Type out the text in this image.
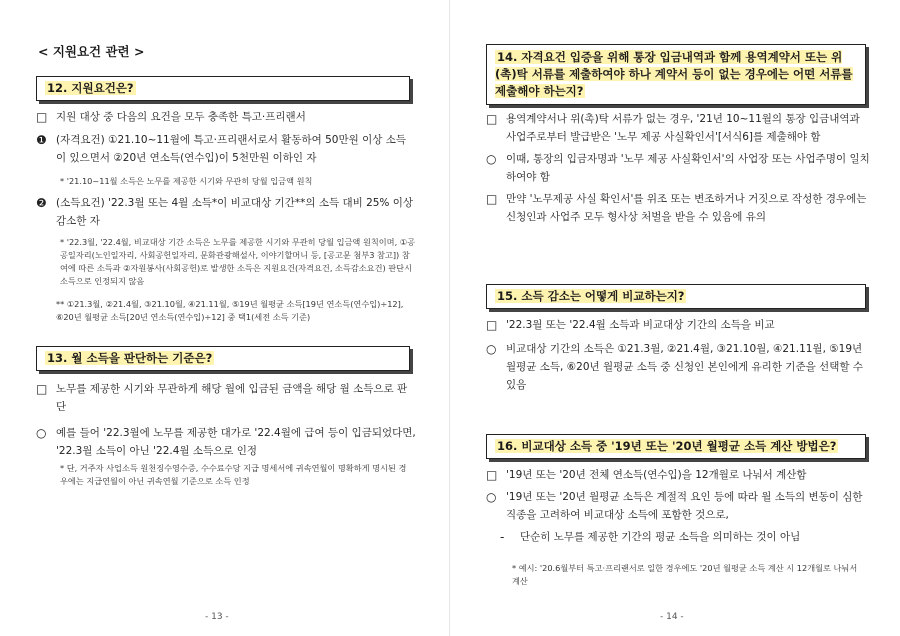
< 지원요건 관련 >
12. 지원요건은?
□ 지원 대상 중 다음의 요건을 모두 충족한 특고·프리랜서
❶ (자격요건) ①21.10~11월에 특고·프리랜서로서 활동하여 50만원 이상 소득이 있으면서 ②20년 연소득(연수입)이 5천만원 이하인 자
* '21.10~11월 소득은 노무를 제공한 시기와 무관히 당월 입금액 원칙
❷ (소득요건) '22.3월 또는 4월 소득*이 비교대상 기간**의 소득 대비 25% 이상 감소한 자
* '22.3월, '22.4월, 비교대상 기간 소득은 노무를 제공한 시기와 무관히 당월 입금액 원칙이며, ①공공일자리(노인일자리, 사회공헌일자리, 문화관광해설사, 이야기할머니 등, [공고문 첨부3 참고]) 참여에 따른 소득과 ②자원봉사(사회공헌)로 발생한 소득은 지원요건(자격요건, 소득감소요건) 판단시 소득으로 인정되지 않음
** ①21.3월, ②21.4월, ③21.10월, ④21.11월, ⑤19년 월평균 소득[19년 연소득(연수입)÷12], ⑥20년 월평균 소득[20년 연소득(연수입)÷12] 중 택1(세전 소득 기준)
13. 월 소득을 판단하는 기준은?
□ 노무를 제공한 시기와 무관하게 해당 월에 입금된 금액을 해당 월 소득으로 판단
○ 예를 들어 '22.3월에 노무를 제공한 대가로 '22.4월에 급여 등이 입금되었다면, '22.3월 소득이 아닌 '22.4월 소득으로 인정
* 단, 거주자 사업소득 원천징수영수증, 수수료수당 지급 명세서에 귀속연월이 명확하게 명시된 경우에는 지급연월이 아닌 귀속연월 기준으로 소득 인정
- 13 -
14. 자격요건 입증을 위해 통장 입금내역과 함께 용역계약서 또는 위(촉)탁 서류를 제출하여야 하나 계약서 등이 없는 경우에는 어떤 서류를 제출해야 하는지?
□ 용역계약서나 위(촉)탁 서류가 없는 경우, '21년 10~11월의 통장 입금내역과 사업주로부터 발급받은 '노무 제공 사실확인서'[서식6]를 제출해야 함
○ 이때, 통장의 입금자명과 '노무 제공 사실확인서'의 사업장 또는 사업주명이 일치하여야 함
□ 만약 '노무제공 사실 확인서'를 위조 또는 변조하거나 거짓으로 작성한 경우에는 신청인과 사업주 모두 형사상 처벌을 받을 수 있음에 유의
15. 소득 감소는 어떻게 비교하는지?
□ '22.3월 또는 '22.4월 소득과 비교대상 기간의 소득을 비교
○ 비교대상 기간의 소득은 ①21.3월, ②21.4월, ③21.10월, ④21.11월, ⑤19년 월평균 소득, ⑥20년 월평균 소득 중 신청인 본인에게 유리한 기준을 선택할 수 있음
16. 비교대상 소득 중 '19년 또는 '20년 월평균 소득 계산 방법은?
□ '19년 또는 '20년 전체 연소득(연수입)을 12개월로 나눠서 계산함
○ '19년 또는 '20년 월평균 소득은 계절적 요인 등에 따라 월 소득의 변동이 심한 직종을 고려하여 비교대상 소득에 포함한 것으로,
- 단순히 노무를 제공한 기간의 평균 소득을 의미하는 것이 아님
* 예시: '20.6월부터 특고·프리랜서로 일한 경우에도 '20년 월평균 소득 계산 시 12개월로 나눠서 계산
- 14 -
